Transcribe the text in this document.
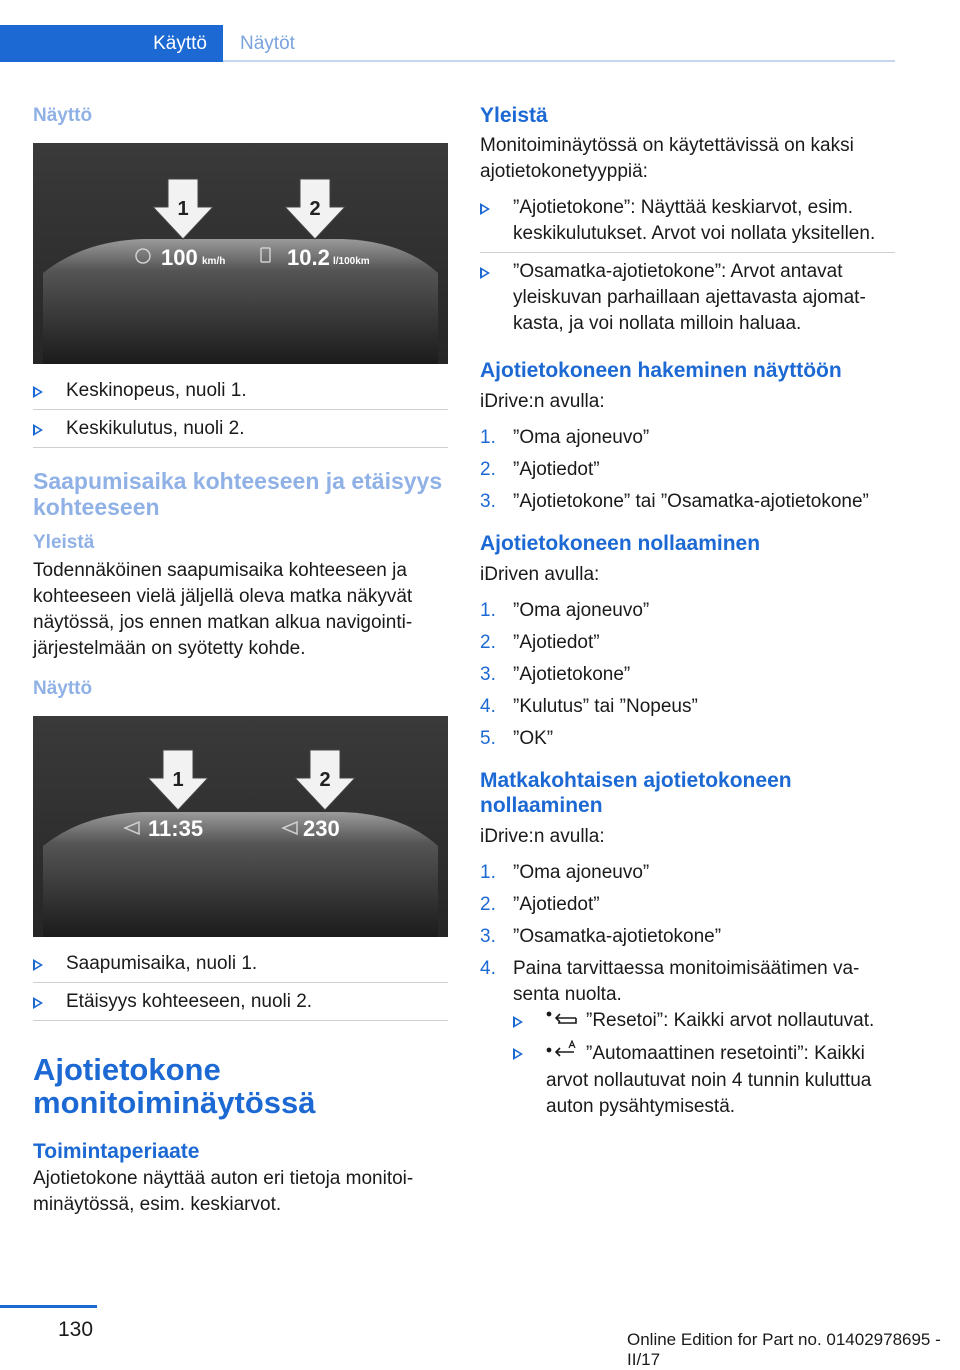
Käyttö	Näytöt
Näyttö
1	2
100 km/h	10.2 l/100km
Keskinopeus, nuoli 1.
Keskikulutus, nuoli 2.
Saapumisaika kohteeseen ja etäisyys kohteeseen
Yleistä

Todennäköinen saapumisaika kohteeseen ja kohteeseen vielä jäljellä oleva matka näkyvät näytössä, jos ennen matkan alkua navigointijärjestelmään on syötetty kohde.

Näyttö
1	2
11:35	230
Saapumisaika, nuoli 1.
Etäisyys kohteeseen, nuoli 2.
Ajotietokone monitoiminäytössä
Toimintaperiaate

Ajotietokone näyttää auton eri tietoja monitoiminäytössä, esim. keskiarvot.

Yleistä

Monitoiminäytössä on käytettävissä on kaksi ajotietokonetyyppiä:

”Ajotietokone”: Näyttää keskiarvot, esim. keskikulutukset. Arvot voi nollata yksitellen.
”Osamatka-ajotietokone”: Arvot antavat yleiskuvan parhaillaan ajettavasta ajomatkasta, ja voi nollata milloin haluaa.
Ajotietokoneen hakeminen näyttöön

iDrive:n avulla:

1. ”Oma ajoneuvo”
2. ”Ajotiedot”
3. ”Ajotietokone” tai ”Osamatka-ajotietokone”
Ajotietokoneen nollaaminen

iDriven avulla:

1. ”Oma ajoneuvo”
2. ”Ajotiedot”
3. ”Ajotietokone”
4. ”Kulutus” tai ”Nopeus”
5. ”OK”
Matkakohtaisen ajotietokoneen nollaaminen

iDrive:n avulla:

1. ”Oma ajoneuvo”
2. ”Ajotiedot”
3. ”Osamatka-ajotietokone”
4. Paina tarvittaessa monitoimisäätimen vasenta nuolta.
”Resetoi”: Kaikki arvot nollautuvat.
”Automaattinen resetointi”: Kaikki arvot nollautuvat noin 4 tunnin kuluttua auton pysähtymisestä.
130	Online Edition for Part no. 01402978695 - II/17
